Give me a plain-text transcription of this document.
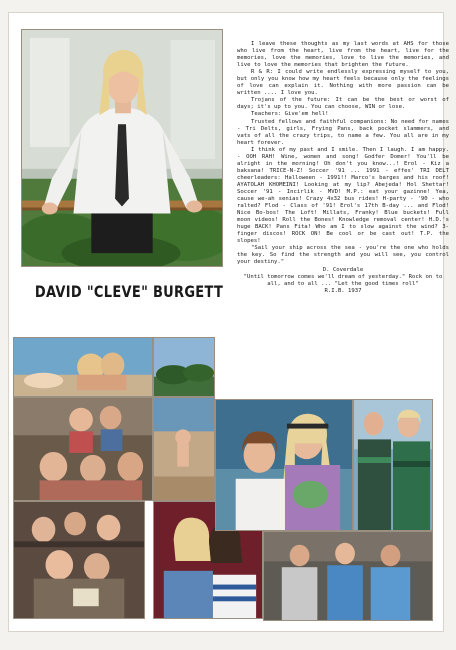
DAVID "CLEVE" BURGETT

I leave these thoughts as my last words at AHS for those who live from the heart, live from the heart, live for the memories, love the memories, love to live the memories, and live to love the memories that brighten the future.

R & R: I could write endlessly expressing myself to you, but only you know how my heart feels because only the feelings of love can explain it. Nothing with more passion can be written .... I love you.

Trojans of the future: It can be the best or worst of days; it's up to you. You can choose, WIN or lose.

Teachers: Give'em hell!

Trusted fellows and faithful companions: No need for names - Tri Delts, girls, Frying Pans, back pocket slammers, and vats of all the crazy trips, to name a few. You all are in my heart forever.

I think of my past and I smile. Then I laugh. I am happy. - OOH RAH! Wine, women and song! Godfer Domer! You'll be alright in the morning! Oh don't you know...! Erol - Kiz a baksana! TRICE-N-Z! Soccer '91 ... 1991 - effes' TRI DELT cheerleaders: Halloween - 1991!! Marco's barges and his roof! AYATOLAH KHOMEINI! Looking at my lip? Abejeda! Hol Shettar! Soccer '91 - Incirlik - MVD! M.P.: eat your gazinne! Yea, cause we-ah senias! Crazy 4x32 bus rides! H-party - '90 - who ralted? Flod - Class of '91! Erol's 17th B-day ... and Flod! Nice Bo-bos! The Loft! Millats, Franky! Blue buckets! Full moon videos! Roll the Bones! Knowledge removal center! H.D.'s huge BACK! Pans Fita! Who am I to slow against the wind? 3-finger discos! ROCK ON! Be cool or be cast out! T.P. the slopes!

"Sail your ship across the sea - you're the one who holds the key. So find the strength and you will see, you control your destiny."

D. Coverdale

"Until tomorrow comes we'll dream of yesterday." Rock on to all, and to all ... "Let the good times roll"

R.I.B. 1937
